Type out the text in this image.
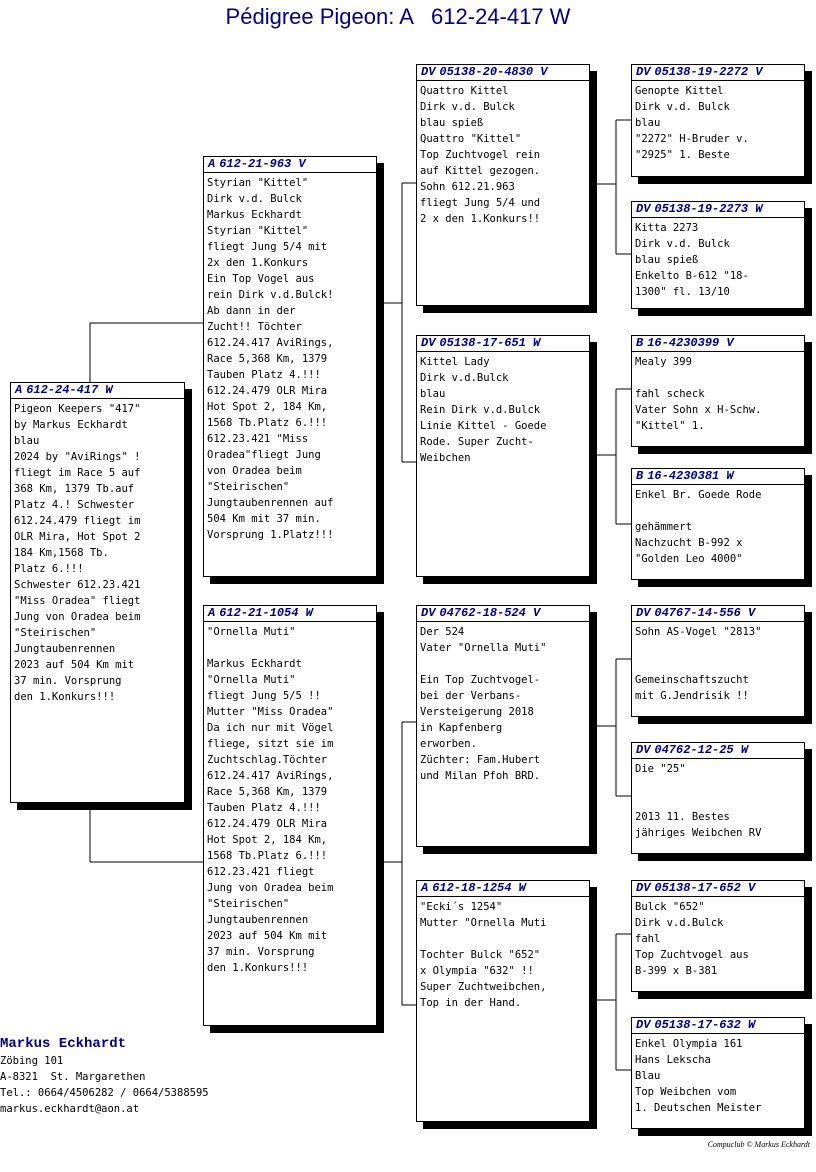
Pédigree Pigeon: A   612-24-417 W
A 612-24-417 W
Pigeon Keepers "417"
by Markus Eckhardt
blau
2024 by "AviRings" !
fliegt im Race 5 auf
368 Km, 1379 Tb.auf
Platz 4.! Schwester
612.24.479 fliegt im
OLR Mira, Hot Spot 2
184 Km,1568 Tb.
Platz 6.!!!
Schwester 612.23.421
"Miss Oradea" fliegt
Jung von Oradea beim
"Steirischen"
Jungtaubenrennen
2023 auf 504 Km mit
37 min. Vorsprung
den 1.Konkurs!!!
A 612-21-963 V
Styrian "Kittel"
Dirk v.d. Bulck
Markus Eckhardt
Styrian "Kittel"
fliegt Jung 5/4 mit
2x den 1.Konkurs
Ein Top Vogel aus
rein Dirk v.d.Bulck!
Ab dann in der
Zucht!! Töchter
612.24.417 AviRings,
Race 5,368 Km, 1379
Tauben Platz 4.!!!
612.24.479 OLR Mira
Hot Spot 2, 184 Km,
1568 Tb.Platz 6.!!!
612.23.421 "Miss
Oradea"fliegt Jung
von Oradea beim
"Steirischen"
Jungtaubenrennen auf
504 Km mit 37 min.
Vorsprung 1.Platz!!!
A 612-21-1054 W
"Ornella Muti"

Markus Eckhardt
"Ornella Muti"
fliegt Jung 5/5 !!
Mutter "Miss Oradea"
Da ich nur mit Vögel
fliege, sitzt sie im
Zuchtschlag.Töchter
612.24.417 AviRings,
Race 5,368 Km, 1379
Tauben Platz 4.!!!
612.24.479 OLR Mira
Hot Spot 2, 184 Km,
1568 Tb.Platz 6.!!!
612.23.421 fliegt
Jung von Oradea beim
"Steirischen"
Jungtaubenrennen
2023 auf 504 Km mit
37 min. Vorsprung
den 1.Konkurs!!!
DV 05138-20-4830 V
Quattro Kittel
Dirk v.d. Bulck
blau spieß
Quattro "Kittel"
Top Zuchtvogel rein
auf Kittel gezogen.
Sohn 612.21.963
fliegt Jung 5/4 und
2 x den 1.Konkurs!!
DV 05138-17-651 W
Kittel Lady
Dirk v.d.Bulck
blau
Rein Dirk v.d.Bulck
Linie Kittel - Goede
Rode. Super Zucht-
Weibchen
DV 04762-18-524 V
Der 524
Vater "Ornella Muti"

Ein Top Zuchtvogel-
bei der Verbans-
Versteigerung 2018
in Kapfenberg
erworben.
Züchter: Fam.Hubert
und Milan Pfoh BRD.
A 612-18-1254 W
"Ecki´s 1254"
Mutter "Ornella Muti

Tochter Bulck "652"
x Olympia "632" !!
Super Zuchtweibchen,
Top in der Hand.
DV 05138-19-2272 V
Genopte Kittel
Dirk v.d. Bulck
blau
"2272" H-Bruder v.
"2925" 1. Beste
DV 05138-19-2273 W
Kitta 2273
Dirk v.d. Bulck
blau spieß
Enkelto B-612 "18-
1300" fl. 13/10
B 16-4230399 V
Mealy 399

fahl scheck
Vater Sohn x H-Schw.
"Kittel" 1.
B 16-4230381 W
Enkel Br. Goede Rode

gehämmert
Nachzucht B-992 x
"Golden Leo 4000"
DV 04767-14-556 V
Sohn AS-Vogel "2813"

Gemeinschaftszucht
mit G.Jendrisik !!
DV 04762-12-25 W
Die "25"

2013 11. Bestes
jähriges Weibchen RV
DV 05138-17-652 V
Bulck "652"
Dirk v.d.Bulck
fahl
Top Zuchtvogel aus
B-399 x B-381
DV 05138-17-632 W
Enkel Olympia 161
Hans Lekscha
Blau
Top Weibchen vom
1. Deutschen Meister
Markus Eckhardt
Zöbing 101
A-8321  St. Margarethen
Tel.: 0664/4506282 / 0664/5388595
markus.eckhardt@aon.at
Compuclub © Markus Eckhardt
